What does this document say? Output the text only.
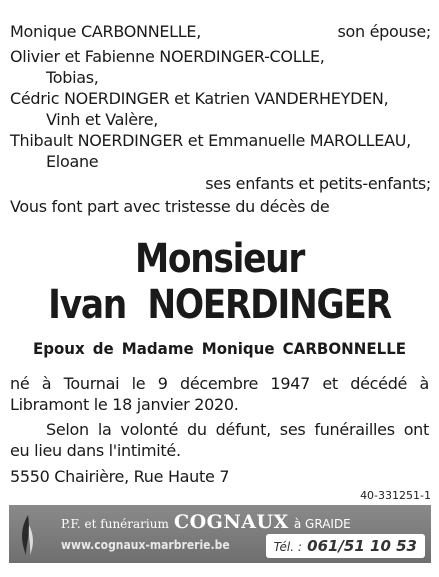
Monique CARBONNELLE,	son épouse;
Olivier et Fabienne NOERDINGER-COLLE,
Tobias,
Cédric NOERDINGER et Katrien VANDERHEYDEN,
Vinh et Valère,
Thibault NOERDINGER et Emmanuelle MAROLLEAU,
Eloane
ses enfants et petits-enfants;
Vous font part avec tristesse du décès de
Monsieur
Ivan  NOERDINGER
Epoux de Madame Monique CARBONNELLE
né à Tournai le 9 décembre 1947 et décédé à
Libramont le 18 janvier 2020.
Selon la volonté du défunt, ses funérailles ont
eu lieu dans l'intimité.
5550 Chairière, Rue Haute 7
40-331251-1
P.F. et funérarium COGNAUX à GRAIDE
www.cognaux-marbrerie.be	Tél. : 061/51 10 53
